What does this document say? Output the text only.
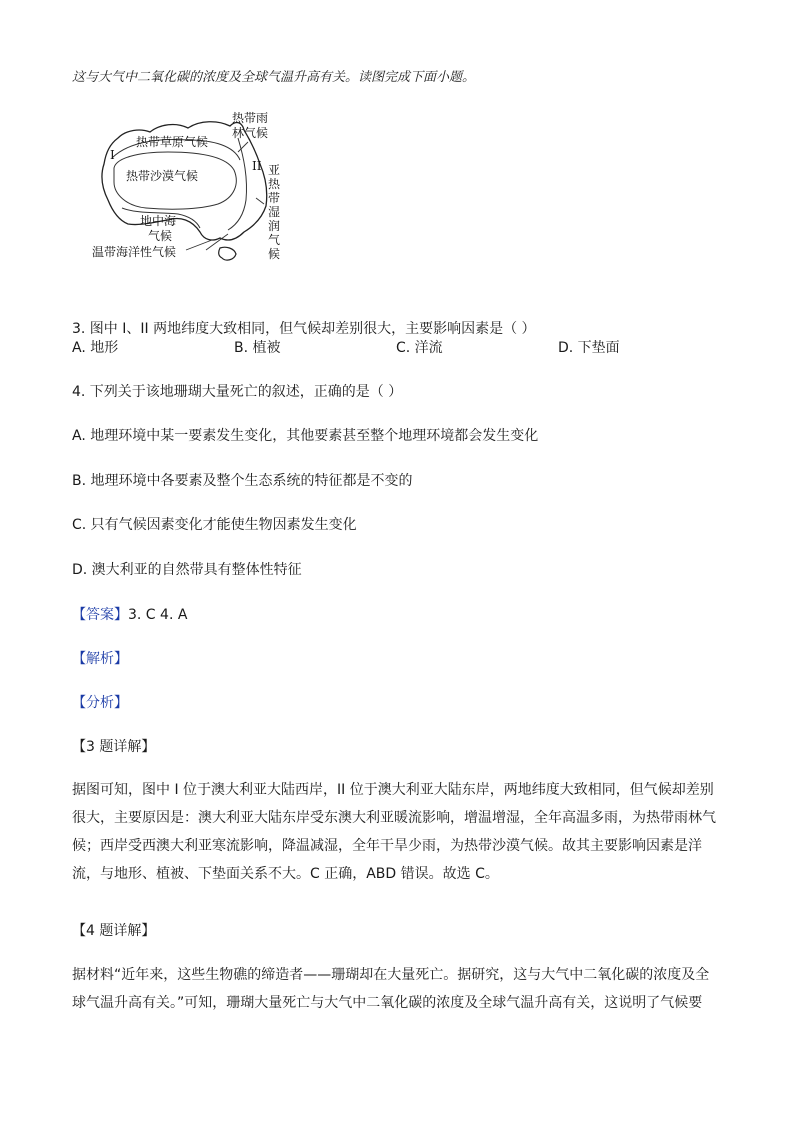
这与大气中二氧化碳的浓度及全球气温升高有关。读图完成下面小题。
I
II
热带草原气候
热带沙漠气候
热带雨
林气候
亚
热
带
湿
润
气
候
地中海
气候
温带海洋性气候
3. 图中 I、II 两地纬度大致相同，但气候却差别很大，主要影响因素是（ ）
A. 地形	B. 植被	C. 洋流	D. 下垫面
4. 下列关于该地珊瑚大量死亡的叙述，正确的是（ ）
A. 地理环境中某一要素发生变化，其他要素甚至整个地理环境都会发生变化
B. 地理环境中各要素及整个生态系统的特征都是不变的
C. 只有气候因素变化才能使生物因素发生变化
D. 澳大利亚的自然带具有整体性特征
【答案】3. C 4. A
【解析】
【分析】
【3 题详解】
据图可知，图中 I 位于澳大利亚大陆西岸，II 位于澳大利亚大陆东岸，两地纬度大致相同，但气候却差别很大，主要原因是：澳大利亚大陆东岸受东澳大利亚暖流影响，增温增湿，全年高温多雨，为热带雨林气候；西岸受西澳大利亚寒流影响，降温减湿，全年干旱少雨，为热带沙漠气候。故其主要影响因素是洋流，与地形、植被、下垫面关系不大。C 正确，ABD 错误。故选 C。
【4 题详解】
据材料“近年来，这些生物礁的缔造者——珊瑚却在大量死亡。据研究，这与大气中二氧化碳的浓度及全球气温升高有关。”可知，珊瑚大量死亡与大气中二氧化碳的浓度及全球气温升高有关，这说明了气候要
